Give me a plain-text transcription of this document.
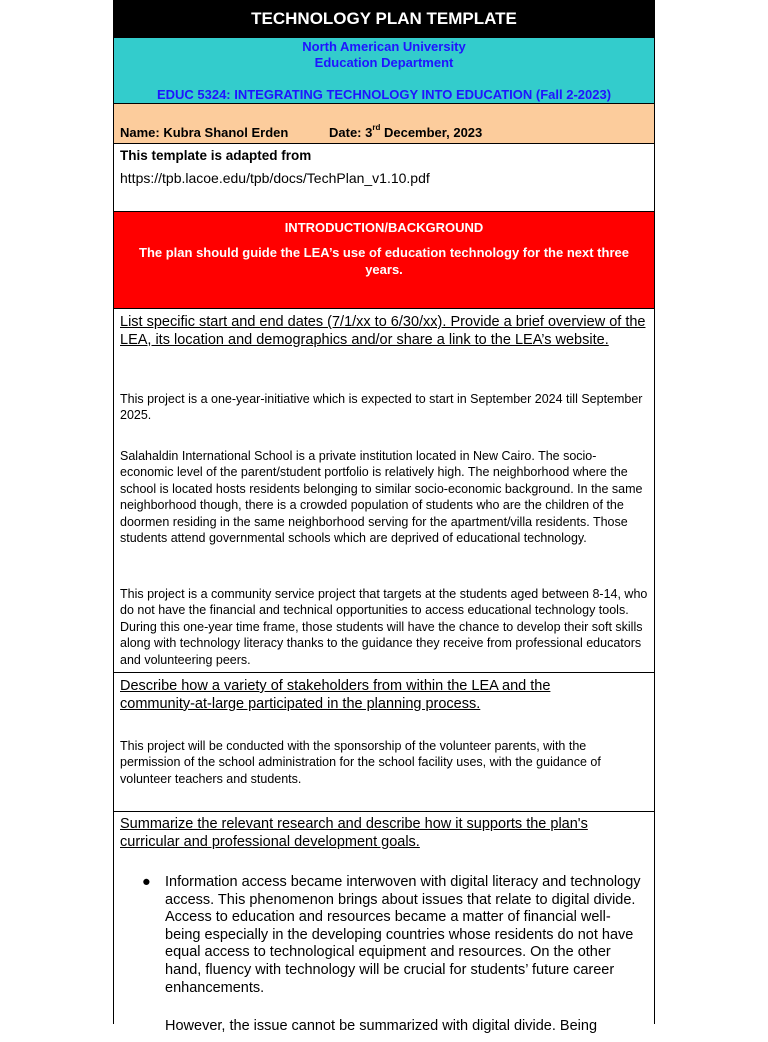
TECHNOLOGY PLAN TEMPLATE
North American University
Education Department
EDUC 5324: INTEGRATING TECHNOLOGY INTO EDUCATION (Fall 2-2023)
Name: Kubra Shanol Erden	Date: 3rd December, 2023
This template is adapted from
https://tpb.lacoe.edu/tpb/docs/TechPlan_v1.10.pdf
INTRODUCTION/BACKGROUND
The plan should guide the LEA’s use of education technology for the next three years.
List specific start and end dates (7/1/xx to 6/30/xx). Provide a brief overview of the LEA, its location and demographics and/or share a link to the LEA’s website.
This project is a one-year-initiative which is expected to start in September 2024 till September 2025.
Salahaldin International School is a private institution located in New Cairo. The socio-economic level of the parent/student portfolio is relatively high. The neighborhood where the school is located hosts residents belonging to similar socio-economic background. In the same neighborhood though, there is a crowded population of students who are the children of the doormen residing in the same neighborhood serving for the apartment/villa residents. Those students attend governmental schools which are deprived of educational technology.
This project is a community service project that targets at the students aged between 8-14, who do not have the financial and technical opportunities to access educational technology tools. During this one-year time frame, those students will have the chance to develop their soft skills along with technology literacy thanks to the guidance they receive from professional educators and volunteering peers.
Describe how a variety of stakeholders from within the LEA and the community-at-large participated in the planning process.
This project will be conducted with the sponsorship of the volunteer parents, with the permission of the school administration for the school facility uses, with the guidance of volunteer teachers and students.
Summarize the relevant research and describe how it supports the plan's curricular and professional development goals.
● Information access became interwoven with digital literacy and technology access. This phenomenon brings about issues that relate to digital divide. Access to education and resources became a matter of financial well-being especially in the developing countries whose residents do not have equal access to technological equipment and resources. On the other hand, fluency with technology will be crucial for students’ future career enhancements.
However, the issue cannot be summarized with digital divide. Being
